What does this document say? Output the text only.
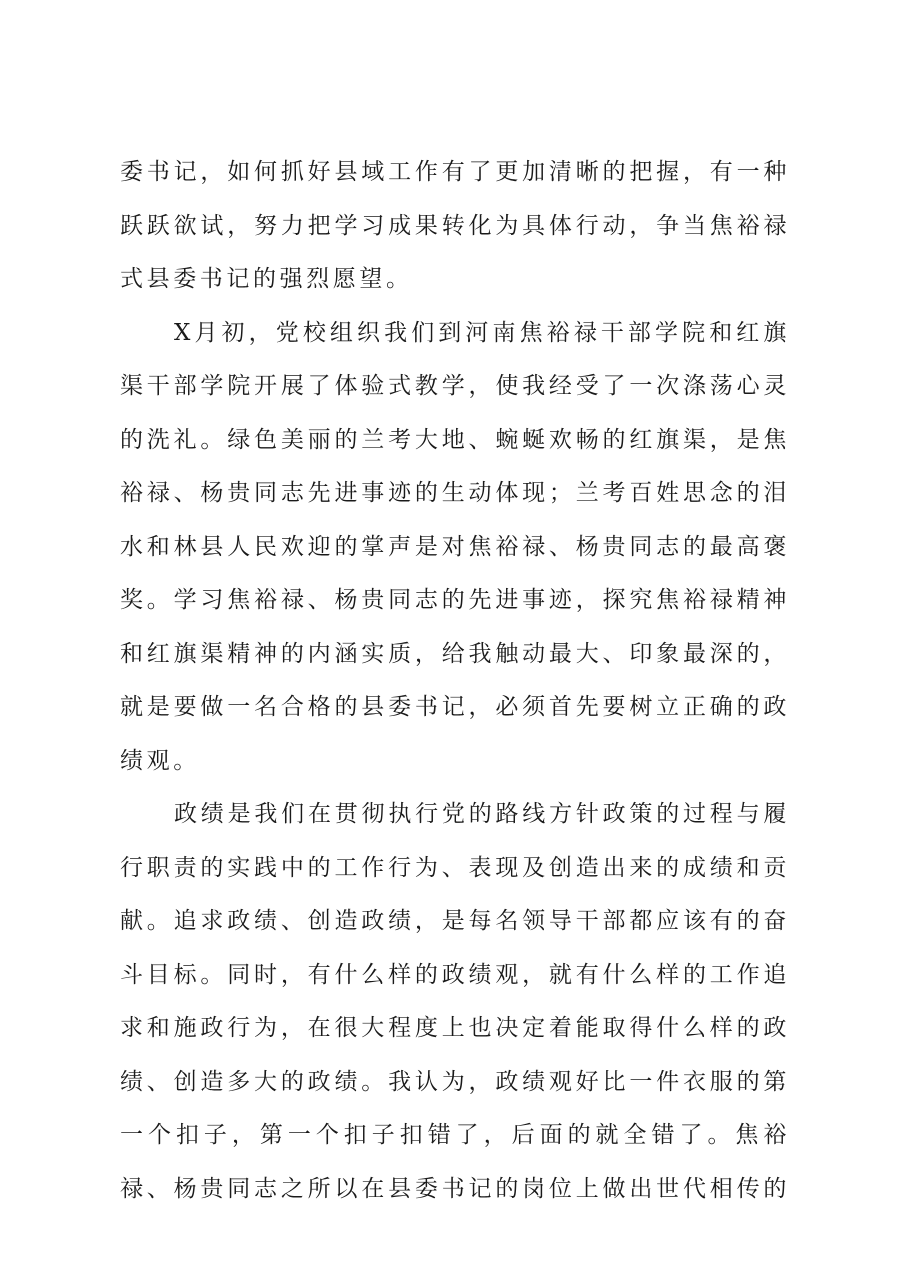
委书记，如何抓好县域工作有了更加清晰的把握，有一种
跃跃欲试，努力把学习成果转化为具体行动，争当焦裕禄
式县委书记的强烈愿望。
X月初，党校组织我们到河南焦裕禄干部学院和红旗
渠干部学院开展了体验式教学，使我经受了一次涤荡心灵
的洗礼。绿色美丽的兰考大地、蜿蜒欢畅的红旗渠，是焦
裕禄、杨贵同志先进事迹的生动体现；兰考百姓思念的泪
水和林县人民欢迎的掌声是对焦裕禄、杨贵同志的最高褒
奖。学习焦裕禄、杨贵同志的先进事迹，探究焦裕禄精神
和红旗渠精神的内涵实质，给我触动最大、印象最深的，
就是要做一名合格的县委书记，必须首先要树立正确的政
绩观。
政绩是我们在贯彻执行党的路线方针政策的过程与履
行职责的实践中的工作行为、表现及创造出来的成绩和贡
献。追求政绩、创造政绩，是每名领导干部都应该有的奋
斗目标。同时，有什么样的政绩观，就有什么样的工作追
求和施政行为，在很大程度上也决定着能取得什么样的政
绩、创造多大的政绩。我认为，政绩观好比一件衣服的第
一个扣子，第一个扣子扣错了，后面的就全错了。焦裕
禄、杨贵同志之所以在县委书记的岗位上做出世代相传的
